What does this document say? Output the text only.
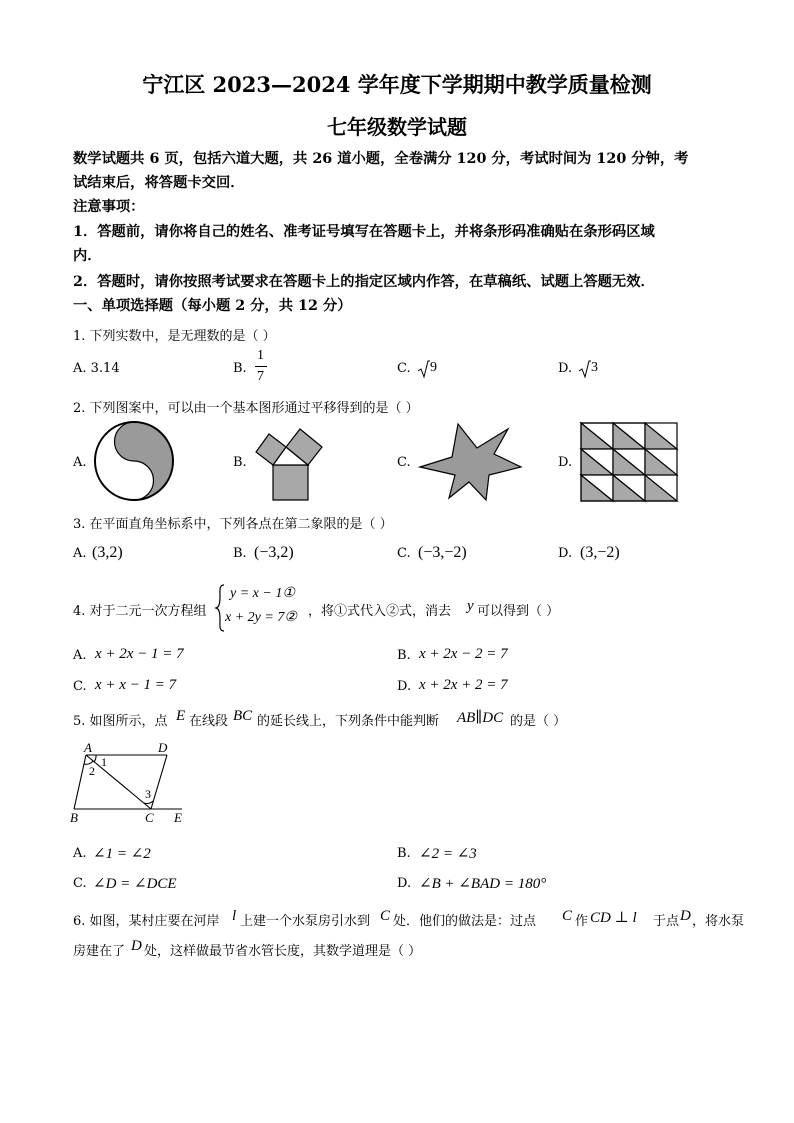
宁江区 2023—2024 学年度下学期期中教学质量检测
七年级数学试题
数学试题共 6 页，包括六道大题，共 26 道小题，全卷满分 120 分，考试时间为 120 分钟，考
试结束后，将答题卡交回．
注意事项：
1．答题前，请你将自己的姓名、准考证号填写在答题卡上，并将条形码准确贴在条形码区域
内．
2．答题时，请你按照考试要求在答题卡上的指定区域内作答，在草稿纸、试题上答题无效．
一、单项选择题（每小题 2 分，共 12 分）
1. 下列实数中，是无理数的是（ ）
A. 3.14	B.
1
7
C. 9	D. 3
2. 下列图案中，可以由一个基本图形通过平移得到的是（ ）
A.	B.	C.	D.
3. 在平面直角坐标系中，下列各点在第二象限的是（ ）
A. (3,2)	B. (−3,2)	C. (−3,−2)	D. (3,−2)
4. 对于二元一次方程组
y = x − 1①
x + 2y = 7② ，将①式代入②式，消去 y 可以得到（ ）
A. x + 2x − 1 = 7	B. x + 2x − 2 = 7
C. x + x − 1 = 7	D. x + 2x + 2 = 7
5. 如图所示，点 E 在线段 BC 的延长线上，下列条件中能判断 AB∥DC 的是（ ）
A	D
1
2
3
B	C E
A. ∠1 = ∠2	B. ∠2 = ∠3
C. ∠D = ∠DCE	D. ∠B + ∠BAD = 180°
6. 如图，某村庄要在河岸 l 上建一个水泵房引水到 C 处．他们的做法是：过点 C 作 CD ⊥ l 于点 D ，将水泵
房建在了 D 处，这样做最节省水管长度，其数学道理是（ ）
